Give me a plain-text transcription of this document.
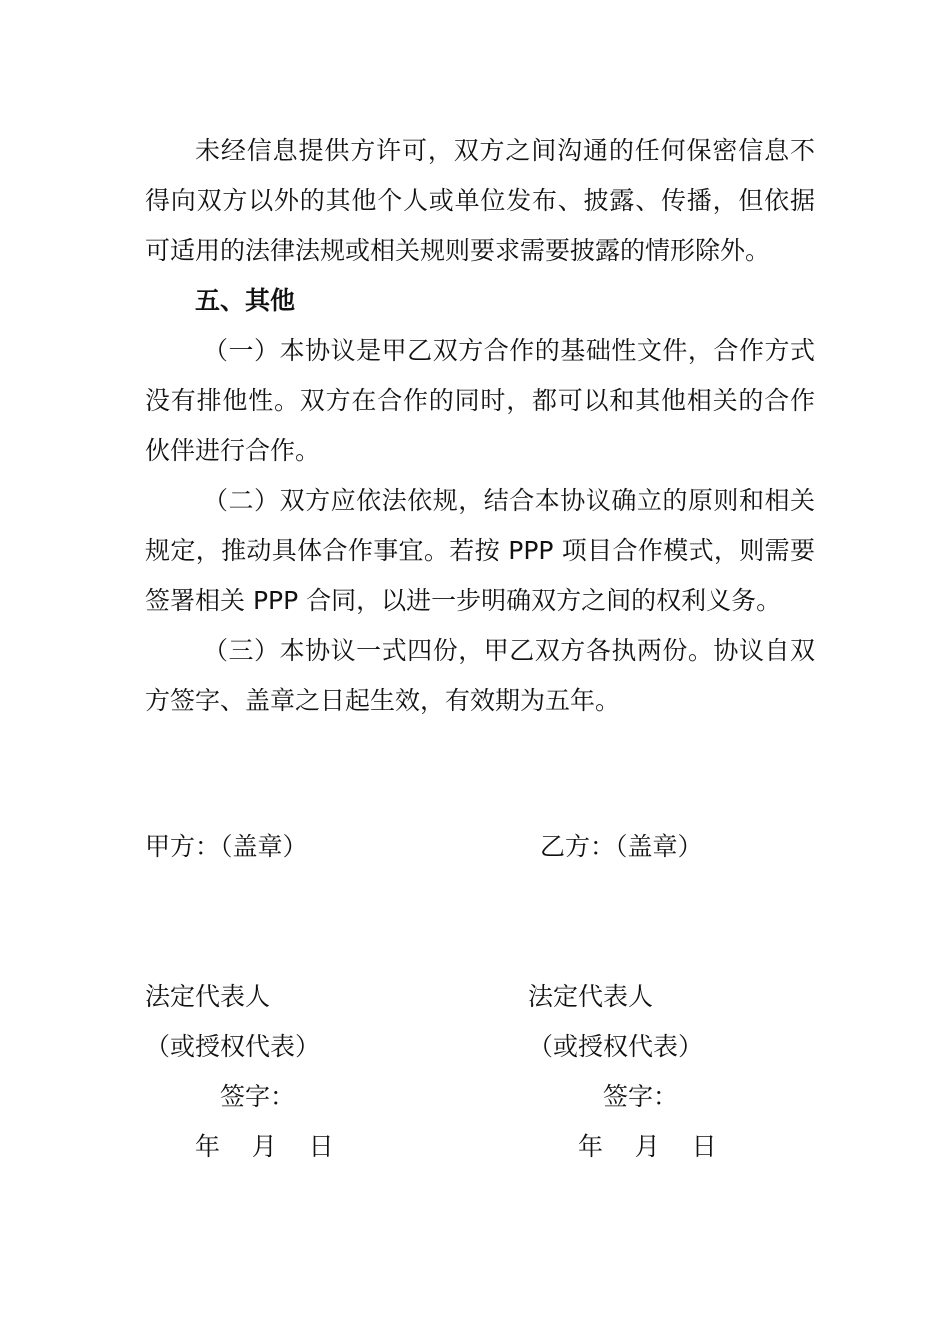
未经信息提供方许可，双方之间沟通的任何保密信息不得向双方以外的其他个人或单位发布、披露、传播，但依据可适用的法律法规或相关规则要求需要披露的情形除外。

五、其他

（一）本协议是甲乙双方合作的基础性文件，合作方式没有排他性。双方在合作的同时，都可以和其他相关的合作伙伴进行合作。

（二）双方应依法依规，结合本协议确立的原则和相关规定，推动具体合作事宜。若按 PPP 项目合作模式，则需要签署相关 PPP 合同，以进一步明确双方之间的权利义务。

（三）本协议一式四份，甲乙双方各执两份。协议自双方签字、盖章之日起生效，有效期为五年。

甲方：（盖章）
法定代表人
（或授权代表）
签字：
年    月    日
乙方：（盖章）
法定代表人
（或授权代表）
签字：
年    月    日
